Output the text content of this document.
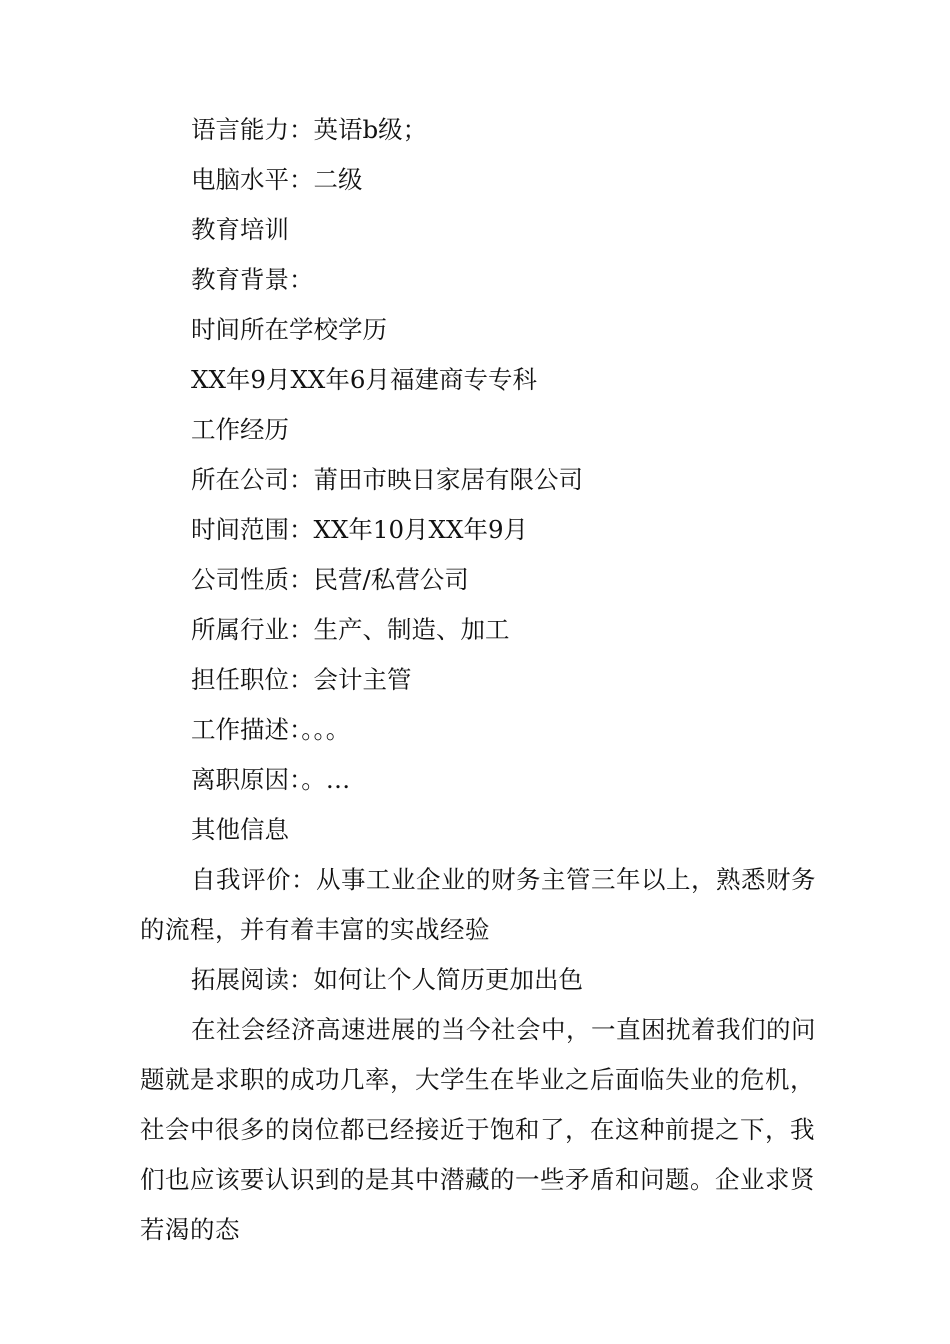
语言能力：英语b级；

电脑水平：二级

教育培训

教育背景：

时间所在学校学历

XX年9月XX年6月福建商专专科

工作经历

所在公司：莆田市映日家居有限公司

时间范围：XX年10月XX年9月

公司性质：民营/私营公司

所属行业：生产、制造、加工

担任职位：会计主管

工作描述：。。。

离职原因：。…

其他信息

自我评价：从事工业企业的财务主管三年以上，熟悉财务的流程，并有着丰富的实战经验

拓展阅读：如何让个人简历更加出色

在社会经济高速进展的当今社会中，一直困扰着我们的问题就是求职的成功几率，大学生在毕业之后面临失业的危机，社会中很多的岗位都已经接近于饱和了，在这种前提之下，我们也应该要认识到的是其中潜藏的一些矛盾和问题。企业求贤若渴的态
